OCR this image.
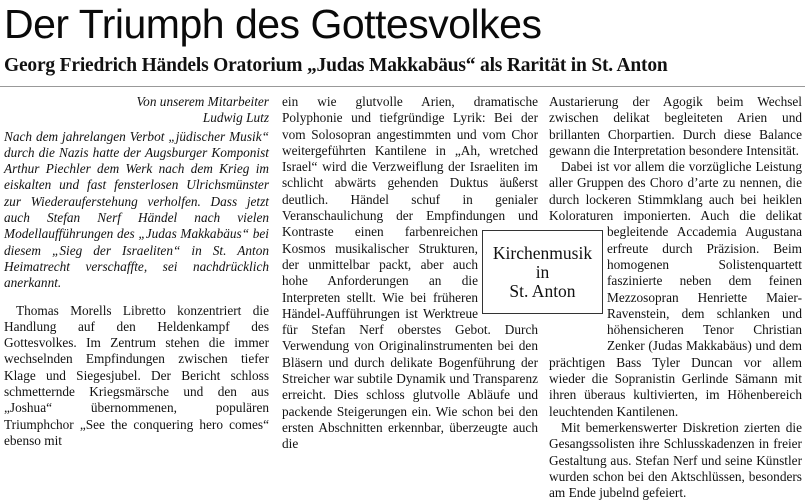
Der Triumph des Gottesvolkes
Georg Friedrich Händels Oratorium „Judas Makkabäus“ als Rarität in St. Anton

Von unserem Mitarbeiter

Ludwig Lutz

Nach dem jahrelangen Verbot „jüdischer Musik“ durch die Nazis hatte der Augsburger Komponist Arthur Piechler dem Werk nach dem Krieg im eiskalten und fast fensterlosen Ulrichsmünster zur Wiederauferstehung verholfen. Dass jetzt auch Stefan Nerf Händel nach vielen Modellaufführungen des „Judas Makkabäus“ bei diesem „Sieg der Israeliten“ in St. Anton Heimatrecht verschaffte, sei nachdrücklich anerkannt.

Thomas Morells Libretto konzentriert die Handlung auf den Heldenkampf des Gottesvolkes. Im Zentrum stehen die immer wechselnden Empfindungen zwischen tiefer Klage und Siegesjubel. Der Bericht schloss schmetternde Kriegsmärsche und den aus „Joshua“ übernommenen, populären Triumphchor „See the conquering hero comes“ ebenso mit

ein wie glutvolle Arien, dramatische Polyphonie und tiefgründige Lyrik: Bei der vom Solosopran angestimmten und vom Chor weitergeführten Kantilene in „Ah, wretched Israel“ wird die Verzweiflung der Israeliten im schlicht abwärts gehenden Duktus äußerst deutlich. Händel schuf in genialer Veranschaulichung der Empfindungen und Kontraste einen farbenreichen Kosmos musikalischer Strukturen, der unmittelbar packt, aber auch hohe Anforderungen an die Interpreten stellt. Wie bei früheren Händel-Aufführungen ist Werktreue für Stefan Nerf oberstes Gebot. Durch Verwendung von Originalinstrumenten bei den Bläsern und durch delikate Bogenführung der Streicher war subtile Dynamik und Transparenz erreicht. Dies schloss glutvolle Abläufe und packende Steigerungen ein. Wie schon bei den ersten Abschnitten erkennbar, überzeugte auch die

Austarierung der Agogik beim Wechsel zwischen delikat begleiteten Arien und brillanten Chorpartien. Durch diese Balance gewann die Interpretation besondere Intensität.

Dabei ist vor allem die vorzügliche Leistung aller Gruppen des Choro d’arte zu nennen, die durch lockeren Stimmklang auch bei heiklen Koloraturen imponierten. Auch die delikat begleitende Accademia Augustana erfreute durch Präzision. Beim homogenen Solistenquartett faszinierte neben dem feinen Mezzosopran Henriette Maier-Ravenstein, dem schlanken und höhensicheren Tenor Christian Zenker (Judas Makkabäus) und dem prächtigen Bass Tyler Duncan vor allem wieder die Sopranistin Gerlinde Sämann mit ihren überaus kultivierten, im Höhenbereich leuchtenden Kantilenen.

Mit bemerkenswerter Diskretion zierten die Gesangssolisten ihre Schlusskadenzen in freier Gestaltung aus. Stefan Nerf und seine Künstler wurden schon bei den Aktschlüssen, besonders am Ende jubelnd gefeiert.

Kirchenmusik
in
St. Anton
